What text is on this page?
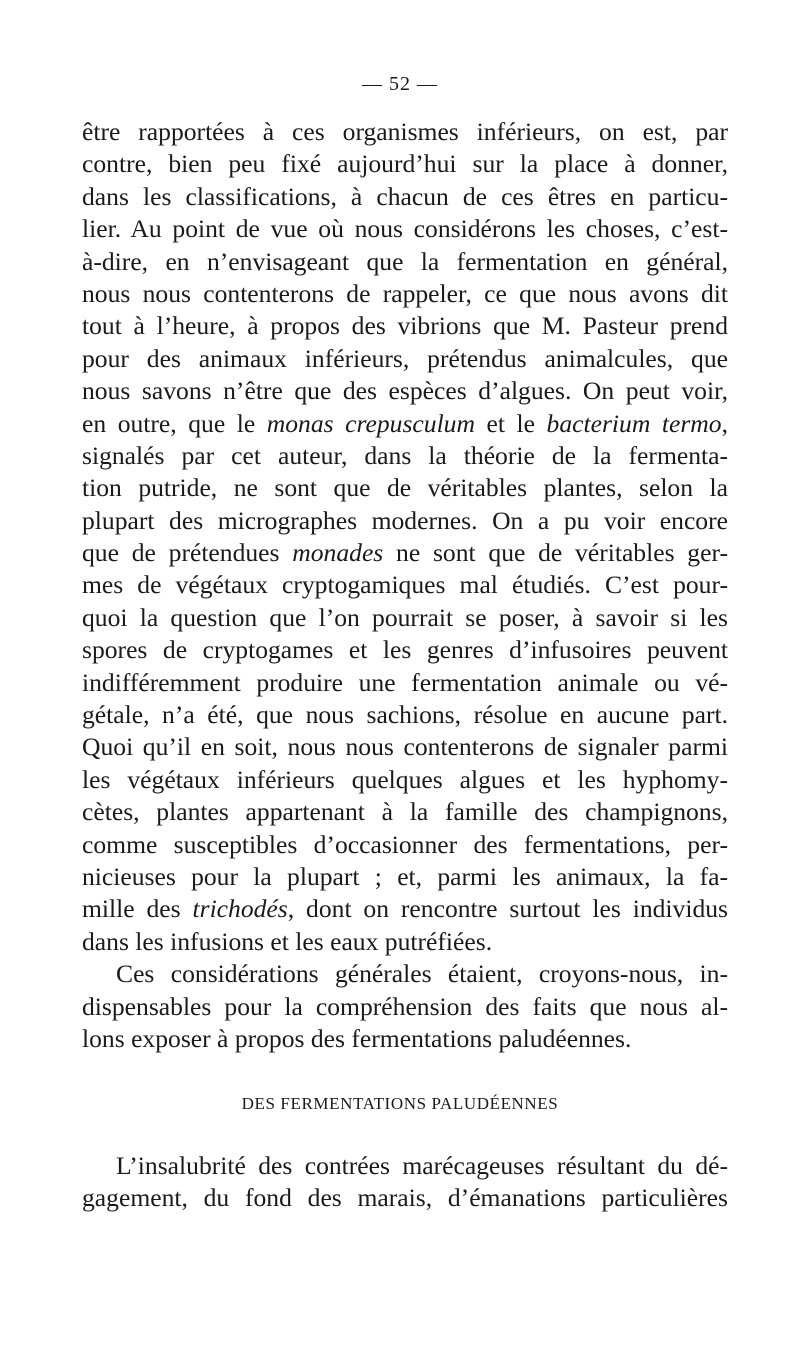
— 52 —
être rapportées à ces organismes inférieurs, on est, par
contre, bien peu fixé aujourd’hui sur la place à donner,
dans les classifications, à chacun de ces êtres en particu-
lier. Au point de vue où nous considérons les choses, c’est-
à-dire, en n’envisageant que la fermentation en général,
nous nous contenterons de rappeler, ce que nous avons dit
tout à l’heure, à propos des vibrions que M. Pasteur prend
pour des animaux inférieurs, prétendus animalcules, que
nous savons n’être que des espèces d’algues. On peut voir,
en outre, que le monas crepusculum et le bacterium termo,
signalés par cet auteur, dans la théorie de la fermenta-
tion putride, ne sont que de véritables plantes, selon la
plupart des micrographes modernes. On a pu voir encore
que de prétendues monades ne sont que de véritables ger-
mes de végétaux cryptogamiques mal étudiés. C’est pour-
quoi la question que l’on pourrait se poser, à savoir si les
spores de cryptogames et les genres d’infusoires peuvent
indifféremment produire une fermentation animale ou vé-
gétale, n’a été, que nous sachions, résolue en aucune part.
Quoi qu’il en soit, nous nous contenterons de signaler parmi
les végétaux inférieurs quelques algues et les hyphomy-
cètes, plantes appartenant à la famille des champignons,
comme susceptibles d’occasionner des fermentations, per-
nicieuses pour la plupart ; et, parmi les animaux, la fa-
mille des trichodés, dont on rencontre surtout les individus
dans les infusions et les eaux putréfiées.
Ces considérations générales étaient, croyons-nous, in-
dispensables pour la compréhension des faits que nous al-
lons exposer à propos des fermentations paludéennes.
DES FERMENTATIONS PALUDÉENNES
L’insalubrité des contrées marécageuses résultant du dé-
gagement, du fond des marais, d’émanations particulières
